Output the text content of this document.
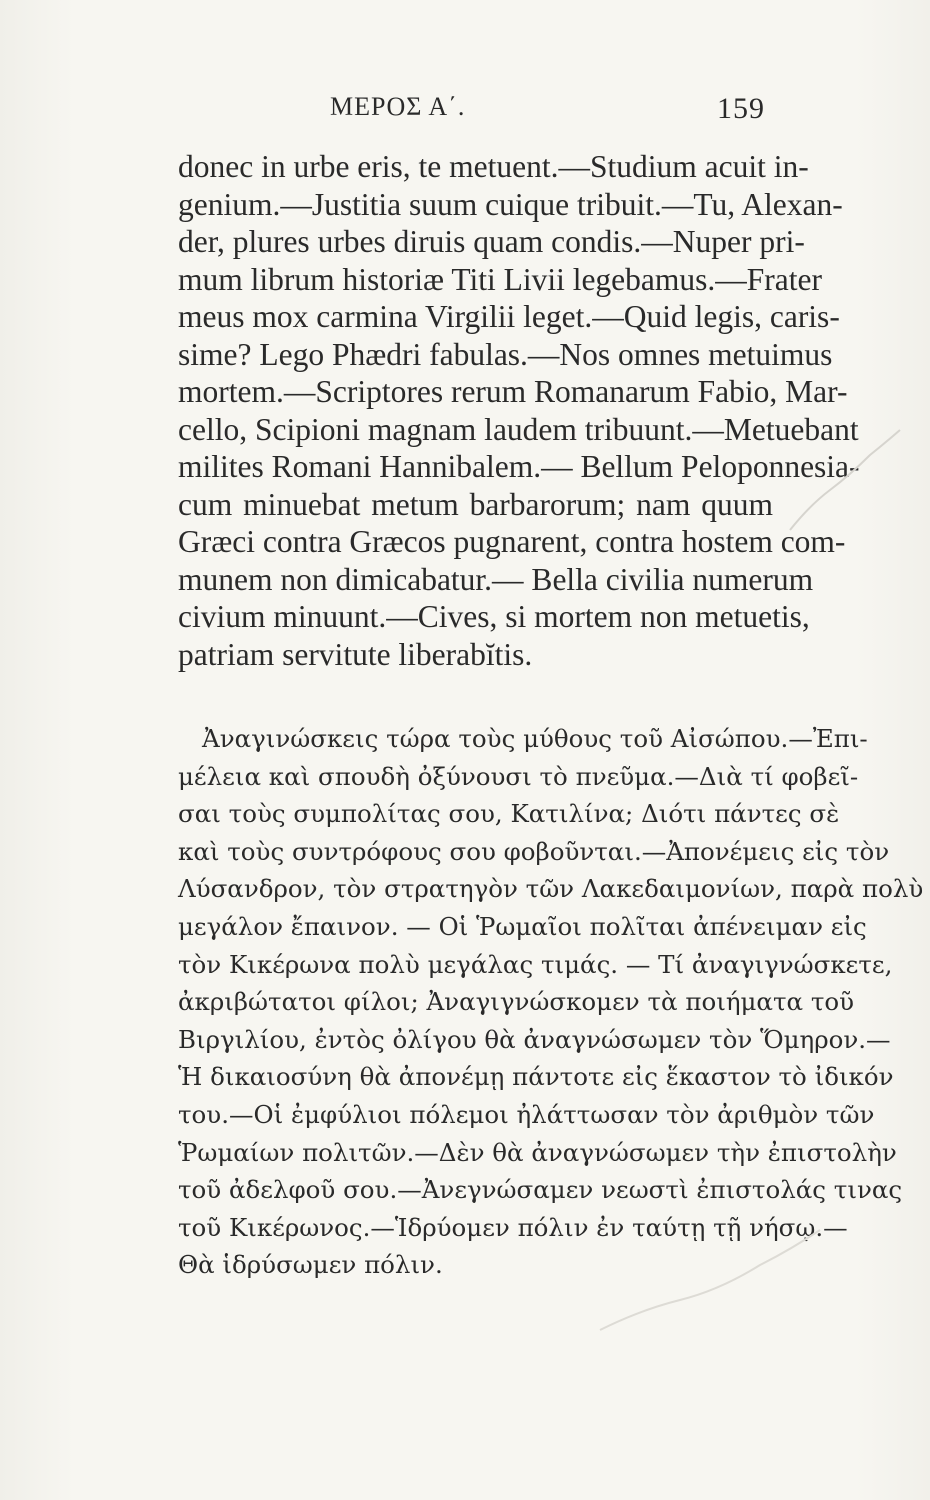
ΜΕΡΟΣ Α΄.	159
donec in urbe eris, te metuent.—Studium acuit in-
genium.—Justitia suum cuique tribuit.—Tu, Alexan-
der, plures urbes diruis quam condis.—Nuper pri-
mum librum historiæ Titi Livii legebamus.—Frater
meus mox carmina Virgilii leget.—Quid legis, caris-
sime? Lego Phædri fabulas.—Nos omnes metuimus
mortem.—Scriptores rerum Romanarum Fabio, Mar-
cello, Scipioni magnam laudem tribuunt.—Metuebant
milites Romani Hannibalem.— Bellum Peloponnesia-
cum minuebat metum barbarorum; nam quum
Græci contra Græcos pugnarent, contra hostem com-
munem non dimicabatur.— Bella civilia numerum
civium minuunt.—Cives, si mortem non metuetis,
patriam servitute liberabĭtis.
Ἀναγινώσκεις τώρα τοὺς μύθους τοῦ Αἰσώπου.—Ἐπι-
μέλεια καὶ σπουδὴ ὀξύνουσι τὸ πνεῦμα.—Διὰ τί φοβεῖ-
σαι τοὺς συμπολίτας σου, Κατιλίνα; Διότι πάντες σὲ
καὶ τοὺς συντρόφους σου φοβοῦνται.—Ἀπονέμεις εἰς τὸν
Λύσανδρον, τὸν στρατηγὸν τῶν Λακεδαιμονίων, παρὰ πολὺ
μεγάλον ἔπαινον. — Οἱ Ῥωμαῖοι πολῖται ἀπένειμαν εἰς
τὸν Κικέρωνα πολὺ μεγάλας τιμάς. — Τί ἀναγιγνώσκετε,
ἀκριβώτατοι φίλοι; Ἀναγιγνώσκομεν τὰ ποιήματα τοῦ
Βιργιλίου, ἐντὸς ὀλίγου θὰ ἀναγνώσωμεν τὸν Ὅμηρον.—
Ἡ δικαιοσύνη θὰ ἀπονέμῃ πάντοτε εἰς ἕκαστον τὸ ἰδικόν
του.—Οἱ ἐμφύλιοι πόλεμοι ἠλάττωσαν τὸν ἀριθμὸν τῶν
Ῥωμαίων πολιτῶν.—Δὲν θὰ ἀναγνώσωμεν τὴν ἐπιστολὴν
τοῦ ἀδελφοῦ σου.—Ἀνεγνώσαμεν νεωστὶ ἐπιστολάς τινας
τοῦ Κικέρωνος.—Ἱδρύομεν πόλιν ἐν ταύτῃ τῇ νήσῳ.—
Θὰ ἱδρύσωμεν πόλιν.
